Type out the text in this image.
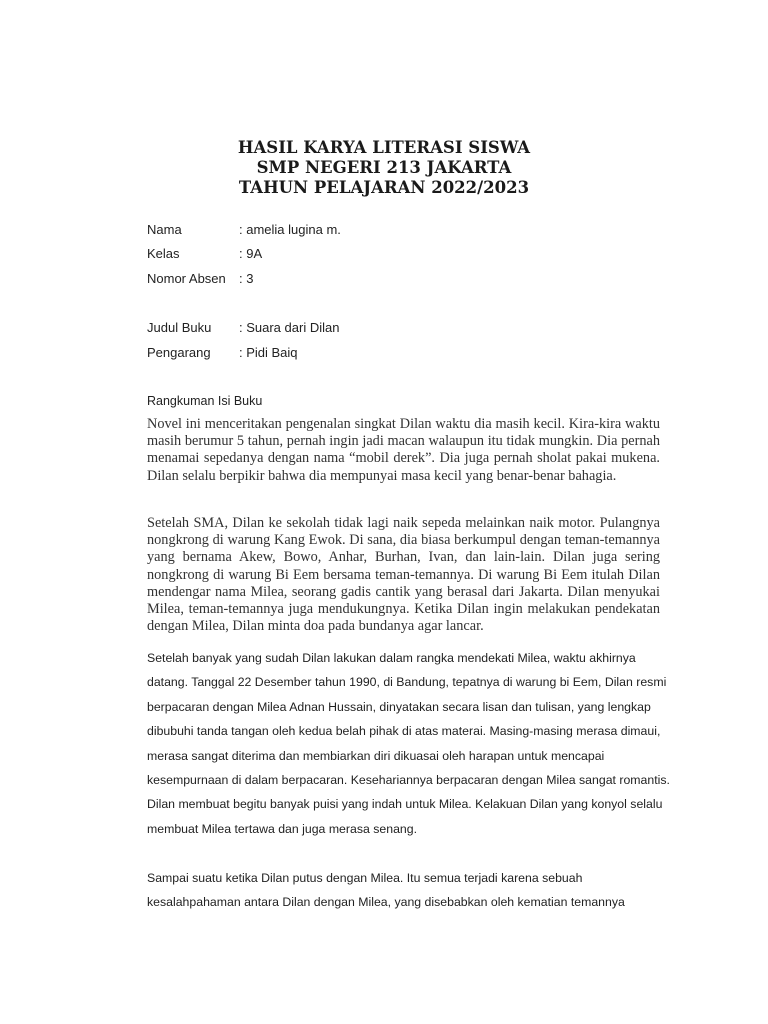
HASIL KARYA LITERASI SISWA
SMP NEGERI 213 JAKARTA
TAHUN PELAJARAN 2022/2023
Nama	: amelia lugina m.
Kelas	: 9A
Nomor Absen : 3
Judul Buku : Suara dari Dilan
Pengarang : Pidi Baiq
Rangkuman Isi Buku

Novel ini menceritakan pengenalan singkat Dilan waktu dia masih kecil. Kira-kira waktu masih berumur 5 tahun, pernah ingin jadi macan walaupun itu tidak mungkin. Dia pernah menamai sepedanya dengan nama “mobil derek”. Dia juga pernah sholat pakai mukena. Dilan selalu berpikir bahwa dia mempunyai masa kecil yang benar-benar bahagia.

Setelah SMA, Dilan ke sekolah tidak lagi naik sepeda melainkan naik motor. Pulangnya nongkrong di warung Kang Ewok. Di sana, dia biasa berkumpul dengan teman-temannya yang bernama Akew, Bowo, Anhar, Burhan, Ivan, dan lain-lain. Dilan juga sering nongkrong di warung Bi Eem bersama teman-temannya. Di warung Bi Eem itulah Dilan mendengar nama Milea, seorang gadis cantik yang berasal dari Jakarta. Dilan menyukai Milea, teman-temannya juga mendukungnya. Ketika Dilan ingin melakukan pendekatan dengan Milea, Dilan minta doa pada bundanya agar lancar.

Setelah banyak yang sudah Dilan lakukan dalam rangka mendekati Milea, waktu akhirnya datang. Tanggal 22 Desember tahun 1990, di Bandung, tepatnya di warung bi Eem, Dilan resmi berpacaran dengan Milea Adnan Hussain, dinyatakan secara lisan dan tulisan, yang lengkap dibubuhi tanda tangan oleh kedua belah pihak di atas materai. Masing-masing merasa dimaui, merasa sangat diterima dan membiarkan diri dikuasai oleh harapan untuk mencapai kesempurnaan di dalam berpacaran. Kesehariannya berpacaran dengan Milea sangat romantis. Dilan membuat begitu banyak puisi yang indah untuk Milea. Kelakuan Dilan yang konyol selalu membuat Milea tertawa dan juga merasa senang.

Sampai suatu ketika Dilan putus dengan Milea. Itu semua terjadi karena sebuah kesalahpahaman antara Dilan dengan Milea, yang disebabkan oleh kematian temannya
